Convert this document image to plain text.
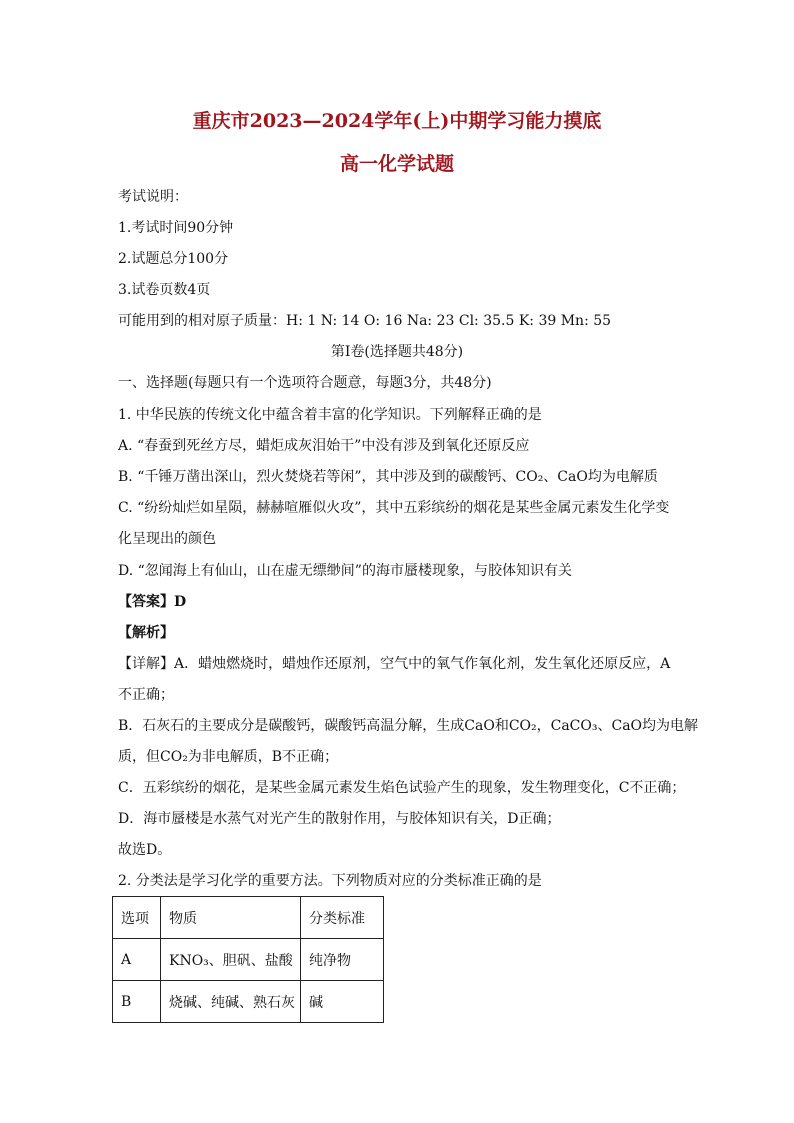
重庆市2023—2024学年(上)中期学习能力摸底
高一化学试题
考试说明：
1.考试时间90分钟
2.试题总分100分
3.试卷页数4页
可能用到的相对原子质量：H: 1 N: 14 O: 16 Na: 23 Cl: 35.5 K: 39 Mn: 55
第Ⅰ卷(选择题共48分)
一、选择题(每题只有一个选项符合题意，每题3分，共48分)
1. 中华民族的传统文化中蕴含着丰富的化学知识。下列解释正确的是
A. “春蚕到死丝方尽，蜡炬成灰泪始干”中没有涉及到氧化还原反应
B. “千锤万凿出深山，烈火焚烧若等闲”，其中涉及到的碳酸钙、CO₂、CaO均为电解质
C. “纷纷灿烂如星陨，赫赫喧雁似火攻”，其中五彩缤纷的烟花是某些金属元素发生化学变
化呈现出的颜色
D. “忽闻海上有仙山，山在虚无缥缈间”的海市蜃楼现象，与胶体知识有关
【答案】D
【解析】
【详解】A．蜡烛燃烧时，蜡烛作还原剂，空气中的氧气作氧化剂，发生氧化还原反应，A
不正确；
B．石灰石的主要成分是碳酸钙，碳酸钙高温分解，生成CaO和CO₂，CaCO₃、CaO均为电解
质，但CO₂为非电解质，B不正确；
C．五彩缤纷的烟花，是某些金属元素发生焰色试验产生的现象，发生物理变化，C不正确；
D．海市蜃楼是水蒸气对光产生的散射作用，与胶体知识有关，D正确；
故选D。
2. 分类法是学习化学的重要方法。下列物质对应的分类标准正确的是
选项	物质	分类标准
A	KNO₃、胆矾、盐酸	纯净物
B	烧碱、纯碱、熟石灰	碱
